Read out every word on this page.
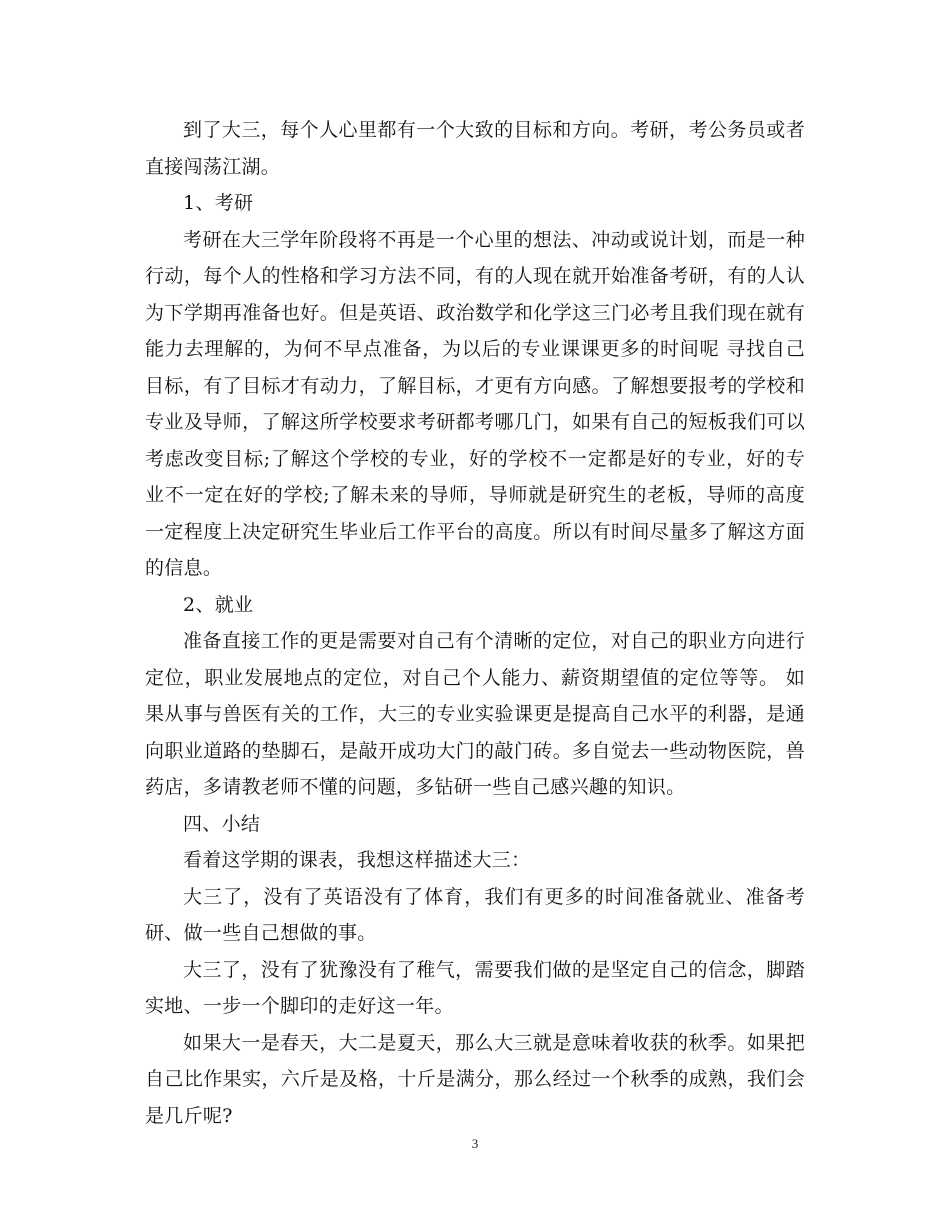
到了大三，每个人心里都有一个大致的目标和方向。考研，考公务员或者直接闯荡江湖。

1、考研

考研在大三学年阶段将不再是一个心里的想法、冲动或说计划，而是一种行动，每个人的性格和学习方法不同，有的人现在就开始准备考研，有的人认为下学期再准备也好。但是英语、政治数学和化学这三门必考且我们现在就有能力去理解的，为何不早点准备，为以后的专业课课更多的时间呢 寻找自己目标，有了目标才有动力，了解目标，才更有方向感。了解想要报考的学校和专业及导师，了解这所学校要求考研都考哪几门，如果有自己的短板我们可以考虑改变目标;了解这个学校的专业，好的学校不一定都是好的专业，好的专业不一定在好的学校;了解未来的导师，导师就是研究生的老板，导师的高度一定程度上决定研究生毕业后工作平台的高度。所以有时间尽量多了解这方面的信息。

2、就业

准备直接工作的更是需要对自己有个清晰的定位，对自己的职业方向进行定位，职业发展地点的定位，对自己个人能力、薪资期望值的定位等等。 如果从事与兽医有关的工作，大三的专业实验课更是提高自己水平的利器，是通向职业道路的垫脚石，是敲开成功大门的敲门砖。多自觉去一些动物医院，兽药店，多请教老师不懂的问题，多钻研一些自己感兴趣的知识。

四、小结

看着这学期的课表，我想这样描述大三：

大三了，没有了英语没有了体育，我们有更多的时间准备就业、准备考研、做一些自己想做的事。

大三了，没有了犹豫没有了稚气，需要我们做的是坚定自己的信念，脚踏实地、一步一个脚印的走好这一年。

如果大一是春天，大二是夏天，那么大三就是意味着收获的秋季。如果把自己比作果实，六斤是及格，十斤是满分，那么经过一个秋季的成熟，我们会是几斤呢?

3
